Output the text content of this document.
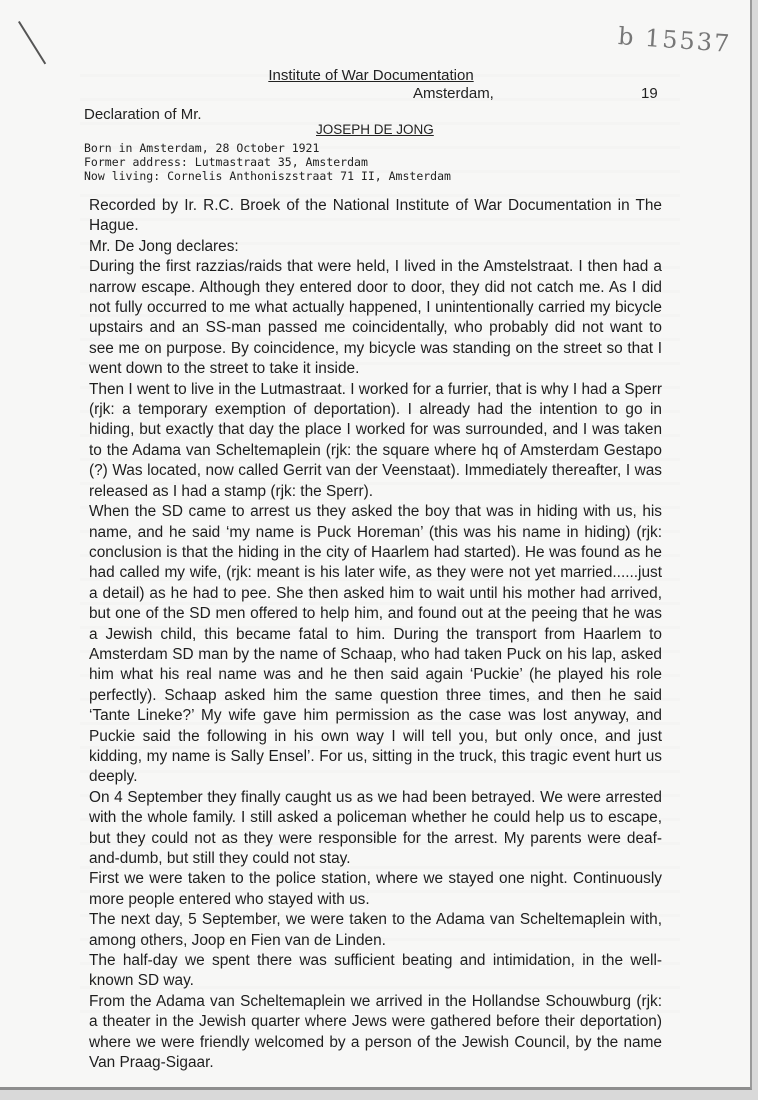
b 15537
Institute of War Documentation
Amsterdam,	19
Declaration of Mr.
JOSEPH DE JONG
Born in Amsterdam, 28 October 1921
Former address: Lutmastraat 35, Amsterdam
Now living: Cornelis Anthoniszstraat 71 II, Amsterdam

Recorded by Ir. R.C. Broek of the National Institute of War Documentation in The Hague.

Mr. De Jong declares:

During the first razzias/raids that were held, I lived in the Amstelstraat. I then had a narrow escape. Although they entered door to door, they did not catch me. As I did not fully occurred to me what actually happened, I unintentionally carried my bicycle upstairs and an SS-man passed me coincidentally, who probably did not want to see me on purpose. By coincidence, my bicycle was standing on the street so that I went down to the street to take it inside.

Then I went to live in the Lutmastraat. I worked for a furrier, that is why I had a Sperr (rjk: a temporary exemption of deportation). I already had the intention to go in hiding, but exactly that day the place I worked for was surrounded, and I was taken to the Adama van Scheltemaplein (rjk: the square where hq of Amsterdam Gestapo (?) Was located, now called Gerrit van der Veenstaat). Immediately thereafter, I was released as I had a stamp (rjk: the Sperr).

When the SD came to arrest us they asked the boy that was in hiding with us, his name, and he said ‘my name is Puck Horeman’ (this was his name in hiding) (rjk: conclusion is that the hiding in the city of Haarlem had started). He was found as he had called my wife, (rjk: meant is his later wife, as they were not yet married......just a detail) as he had to pee. She then asked him to wait until his mother had arrived, but one of the SD men offered to help him, and found out at the peeing that he was a Jewish child, this became fatal to him. During the transport from Haarlem to Amsterdam SD man by the name of Schaap, who had taken Puck on his lap, asked him what his real name was and he then said again ‘Puckie’ (he played his role perfectly). Schaap asked him the same question three times, and then he said ‘Tante Lineke?’ My wife gave him permission as the case was lost anyway, and Puckie said the following in his own way I will tell you, but only once, and just kidding, my name is Sally Ensel’. For us, sitting in the truck, this tragic event hurt us deeply.

On 4 September they finally caught us as we had been betrayed. We were arrested with the whole family. I still asked a policeman whether he could help us to escape, but they could not as they were responsible for the arrest. My parents were deaf-and-dumb, but still they could not stay.

First we were taken to the police station, where we stayed one night. Continuously more people entered who stayed with us.

The next day, 5 September, we were taken to the Adama van Scheltemaplein with, among others, Joop en Fien van de Linden.

The half-day we spent there was sufficient beating and intimidation, in the well-known SD way.

From the Adama van Scheltemaplein we arrived in the Hollandse Schouwburg (rjk: a theater in the Jewish quarter where Jews were gathered before their deportation) where we were friendly welcomed by a person of the Jewish Council, by the name Van Praag-Sigaar.
